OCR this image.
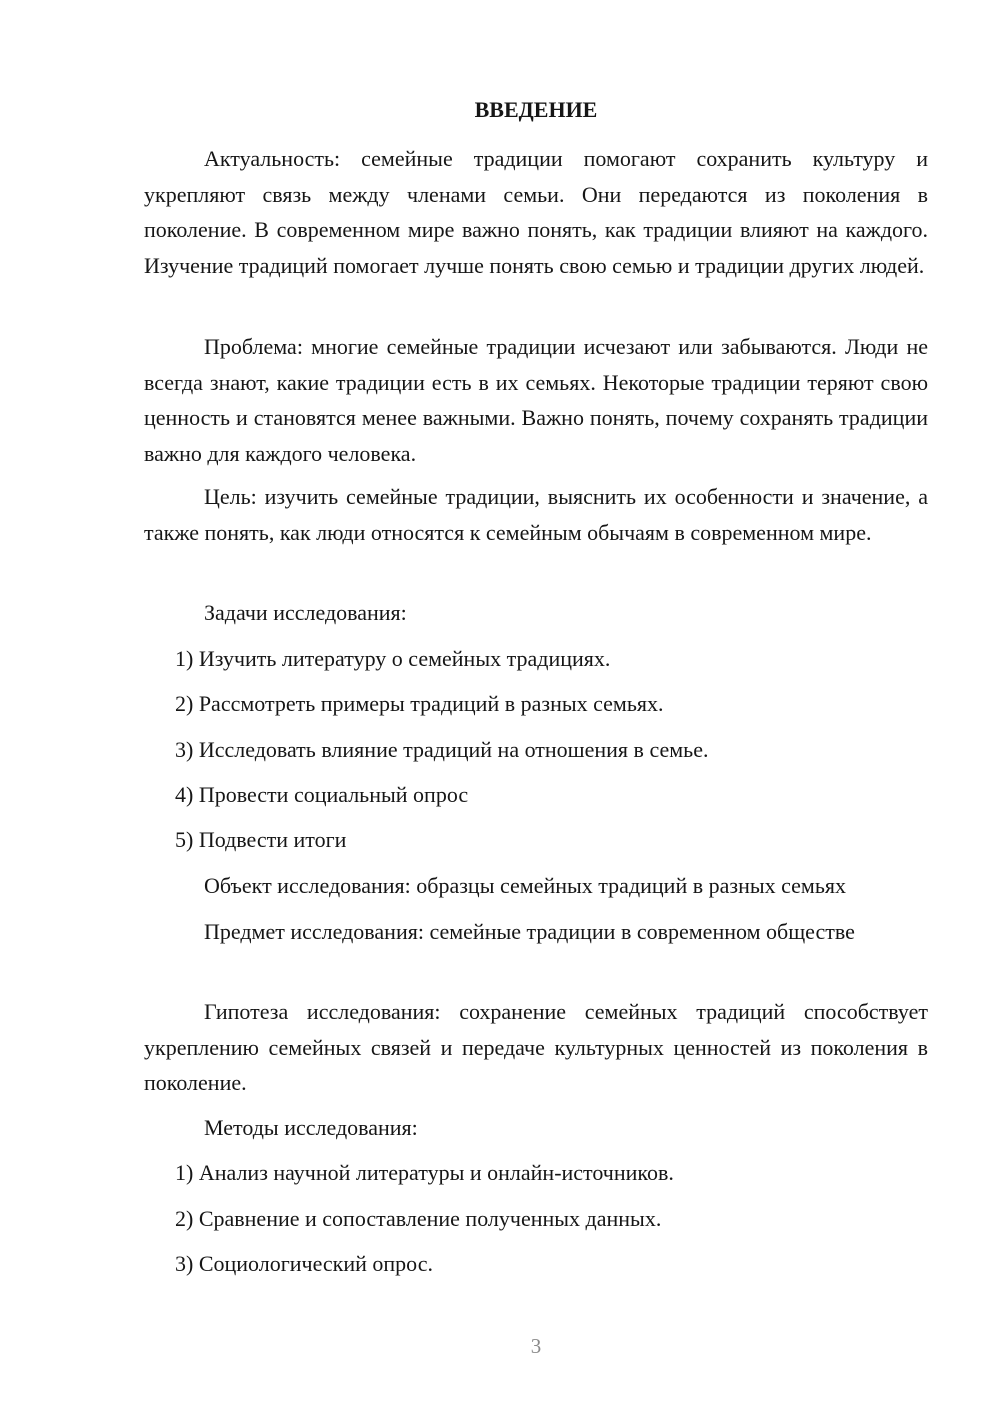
ВВЕДЕНИЕ

Актуальность: семейные традиции помогают сохранить культуру и укрепляют связь между членами семьи. Они передаются из поколения в поколение. В современном мире важно понять, как традиции влияют на каждого. Изучение традиций помогает лучше понять свою семью и традиции других людей.

Проблема: многие семейные традиции исчезают или забываются. Люди не всегда знают, какие традиции есть в их семьях. Некоторые традиции теряют свою ценность и становятся менее важными. Важно понять, почему сохранять традиции важно для каждого человека.

Цель: изучить семейные традиции, выяснить их особенности и значение, а также понять, как люди относятся к семейным обычаям в современном мире.

Задачи исследования:

1) Изучить литературу о семейных традициях.

2) Рассмотреть примеры традиций в разных семьях.

3) Исследовать влияние традиций на отношения в семье.

4) Провести социальный опрос

5) Подвести итоги

Объект исследования: образцы семейных традиций в разных семьях

Предмет исследования: семейные традиции в современном обществе

Гипотеза исследования: сохранение семейных традиций способствует укреплению семейных связей и передаче культурных ценностей из поколения в поколение.

Методы исследования:

1) Анализ научной литературы и онлайн-источников.

2) Сравнение и сопоставление полученных данных.

3) Социологический опрос.

3
